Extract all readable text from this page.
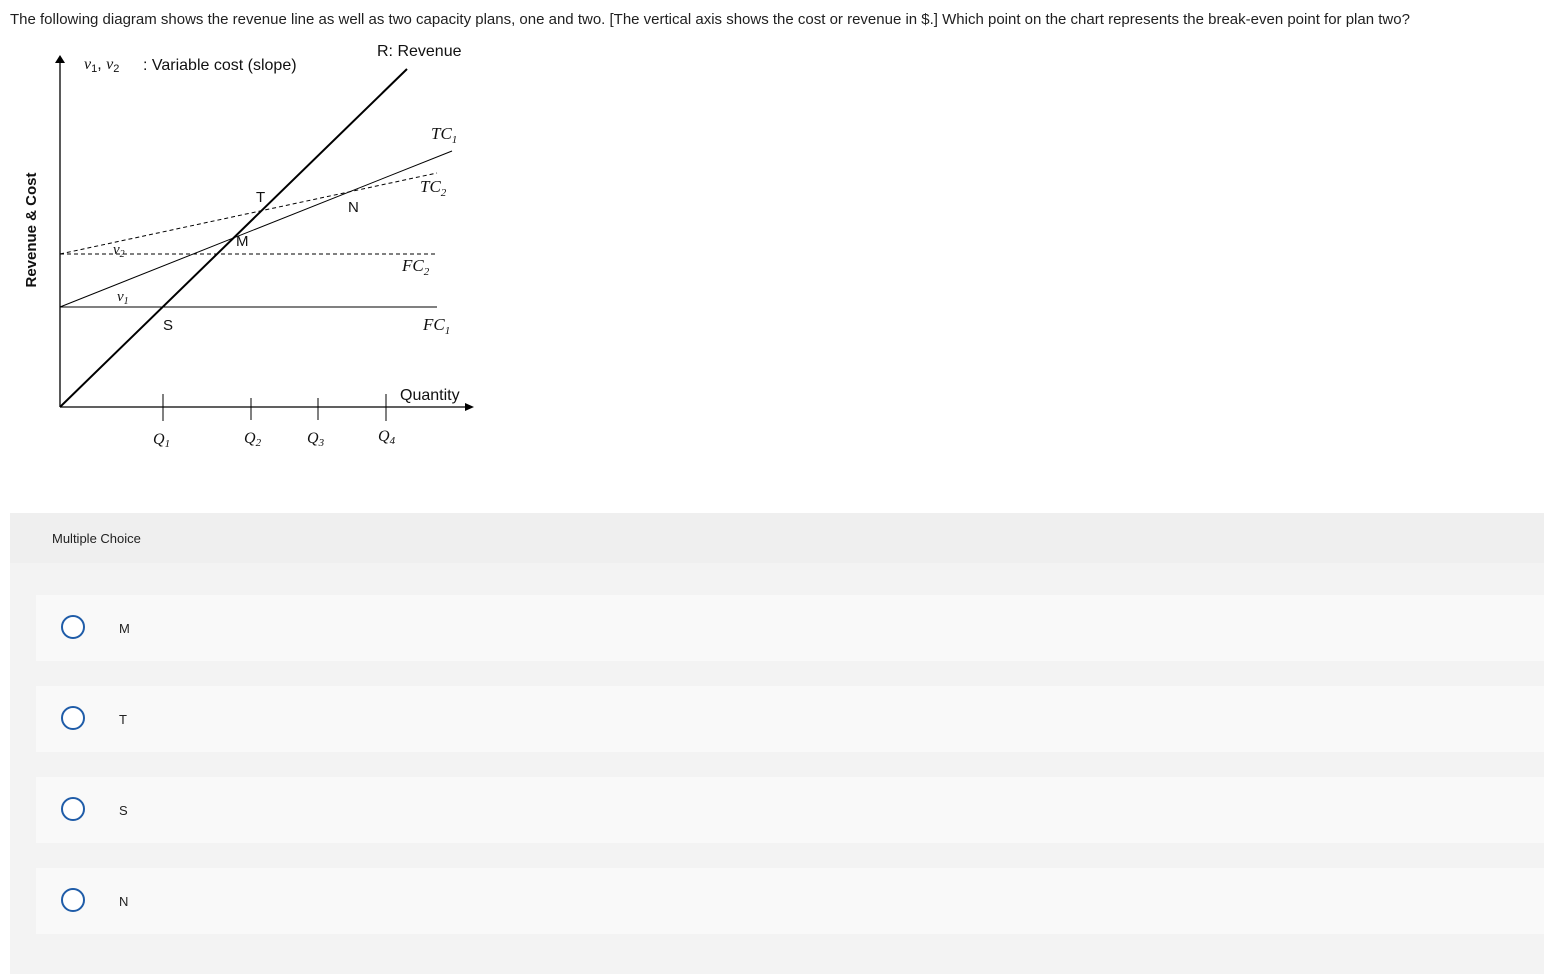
The following diagram shows the revenue line as well as two capacity plans, one and two. [The vertical axis shows the cost or revenue in $.] Which point on the chart represents the break-even point for plan two?
Revenue & Cost
v1, v2 : Variable cost (slope)
R: Revenue
$TC_1$
$TC_2$
$FC_2$
$FC_1$
$v_2$
$v_1$
S
M
T
N
Quantity
Q1	Q2	Q3	Q4
Multiple Choice
M
T
S
N
